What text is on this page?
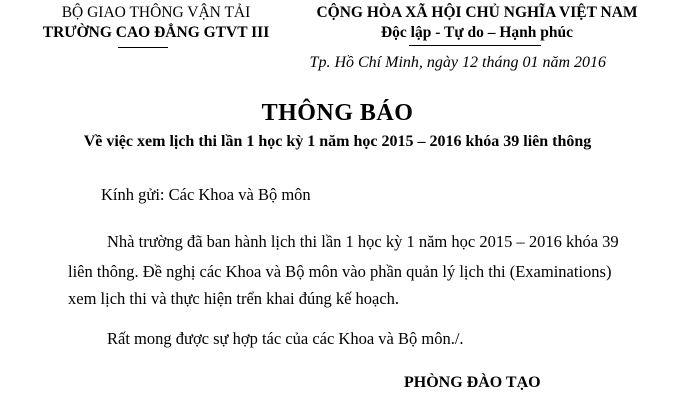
BỘ GIAO THÔNG VẬN TẢI
TRƯỜNG CAO ĐẲNG GTVT III
CỘNG HÒA XÃ HỘI CHỦ NGHĨA VIỆT NAM
Độc lập - Tự do – Hạnh phúc
Tp. Hồ Chí Minh, ngày 12 tháng 01 năm 2016
THÔNG BÁO
Về việc xem lịch thi lần 1 học kỳ 1 năm học 2015 – 2016 khóa 39 liên thông
Kính gửi: Các Khoa và Bộ môn
Nhà trường đã ban hành lịch thi lần 1 học kỳ 1 năm học 2015 – 2016 khóa 39
liên thông. Đề nghị các Khoa và Bộ môn vào phần quản lý lịch thi (Examinations)
xem lịch thi và thực hiện trển khai đúng kế hoạch.
Rất mong được sự hợp tác của các Khoa và Bộ môn./.
PHÒNG ĐÀO TẠO
